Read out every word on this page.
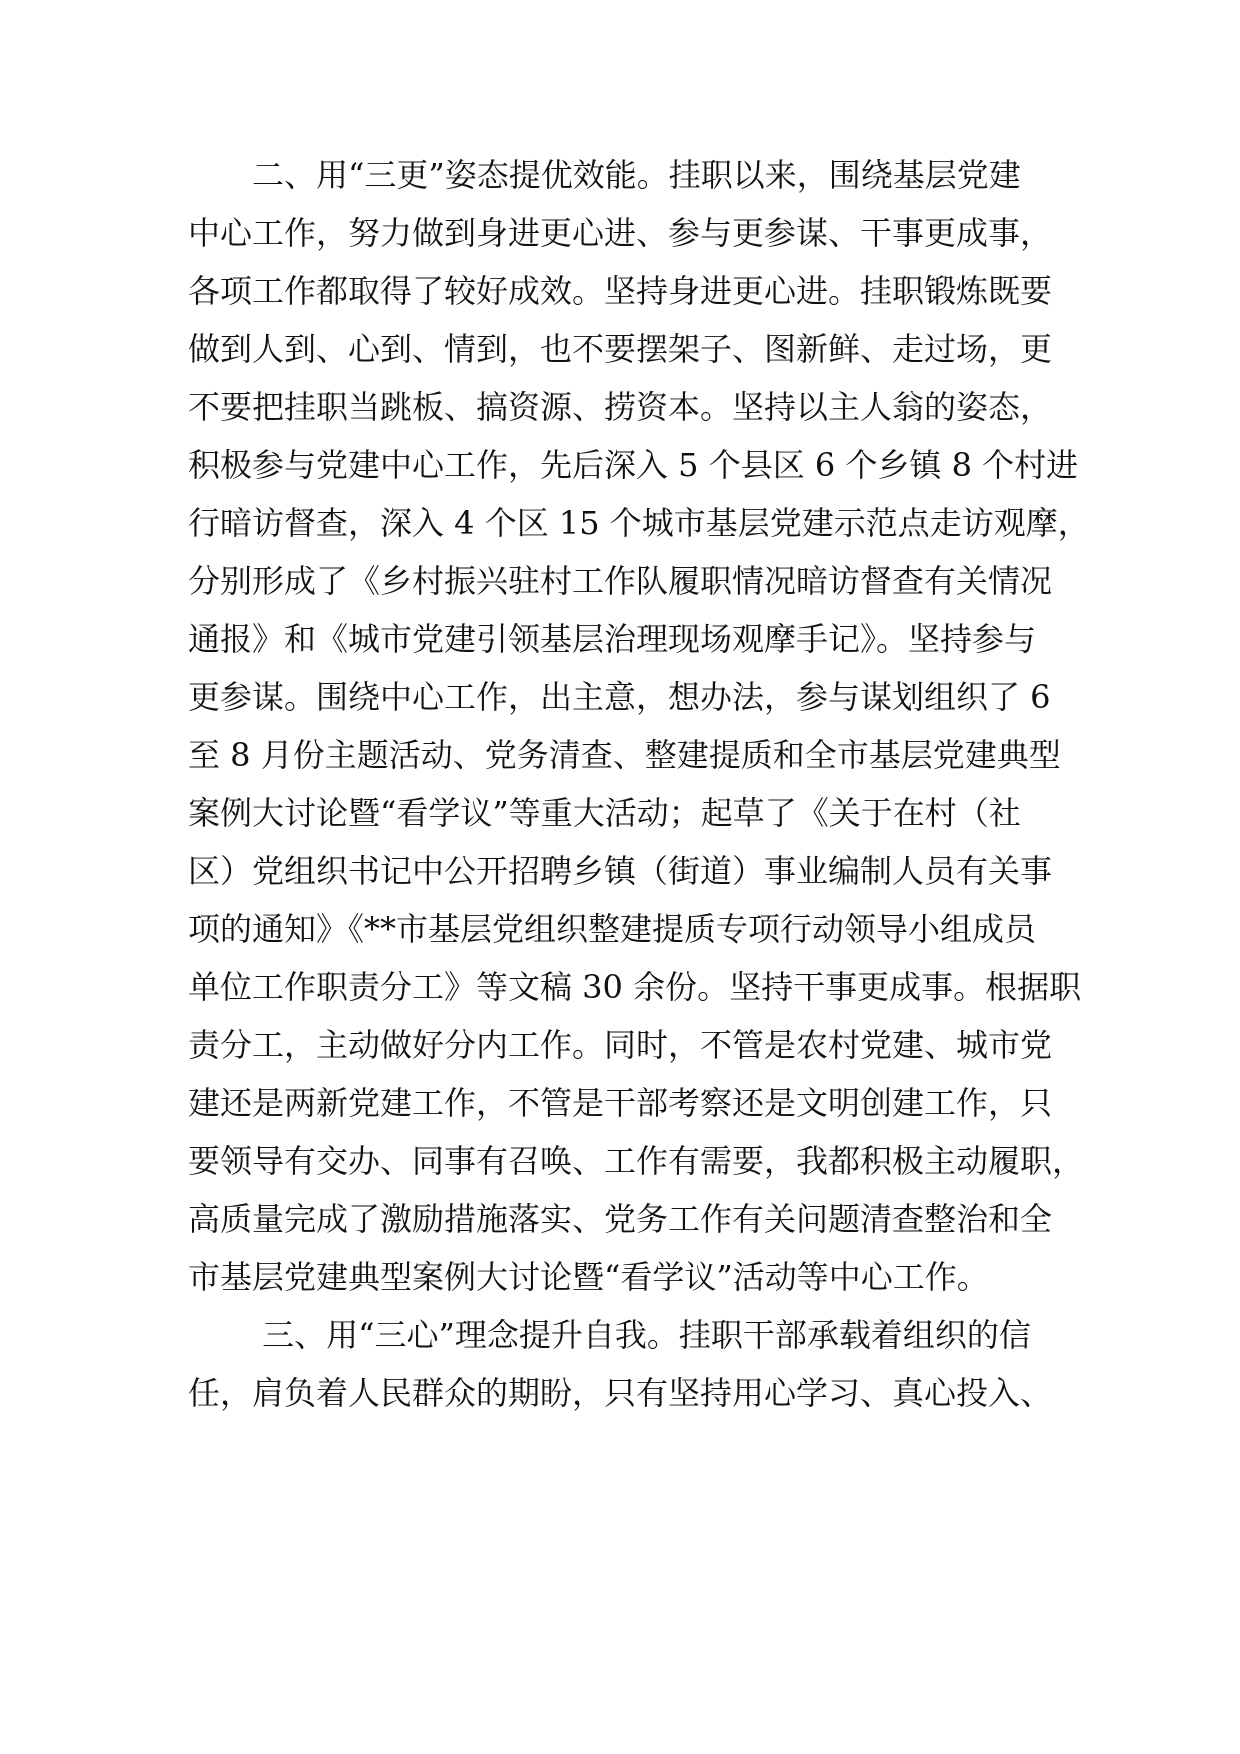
　　二、用“三更”姿态提优效能。挂职以来，围绕基层党建
中心工作，努力做到身进更心进、参与更参谋、干事更成事，
各项工作都取得了较好成效。坚持身进更心进。挂职锻炼既要
做到人到、心到、情到，也不要摆架子、图新鲜、走过场，更
不要把挂职当跳板、搞资源、捞资本。坚持以主人翁的姿态，
积极参与党建中心工作，先后深入 5 个县区 6 个乡镇 8 个村进
行暗访督查，深入 4 个区 15 个城市基层党建示范点走访观摩，
分别形成了《乡村振兴驻村工作队履职情况暗访督查有关情况
通报》和《城市党建引领基层治理现场观摩手记》。坚持参与
更参谋。围绕中心工作，出主意，想办法，参与谋划组织了 6
至 8 月份主题活动、党务清查、整建提质和全市基层党建典型
案例大讨论暨“看学议”等重大活动；起草了《关于在村（社
区）党组织书记中公开招聘乡镇（街道）事业编制人员有关事
项的通知》《**市基层党组织整建提质专项行动领导小组成员
单位工作职责分工》等文稿 30 余份。坚持干事更成事。根据职
责分工，主动做好分内工作。同时，不管是农村党建、城市党
建还是两新党建工作，不管是干部考察还是文明创建工作，只
要领导有交办、同事有召唤、工作有需要，我都积极主动履职，
高质量完成了激励措施落实、党务工作有关问题清查整治和全
市基层党建典型案例大讨论暨“看学议”活动等中心工作。
　　 三、用“三心”理念提升自我。挂职干部承载着组织的信
任，肩负着人民群众的期盼，只有坚持用心学习、真心投入、
